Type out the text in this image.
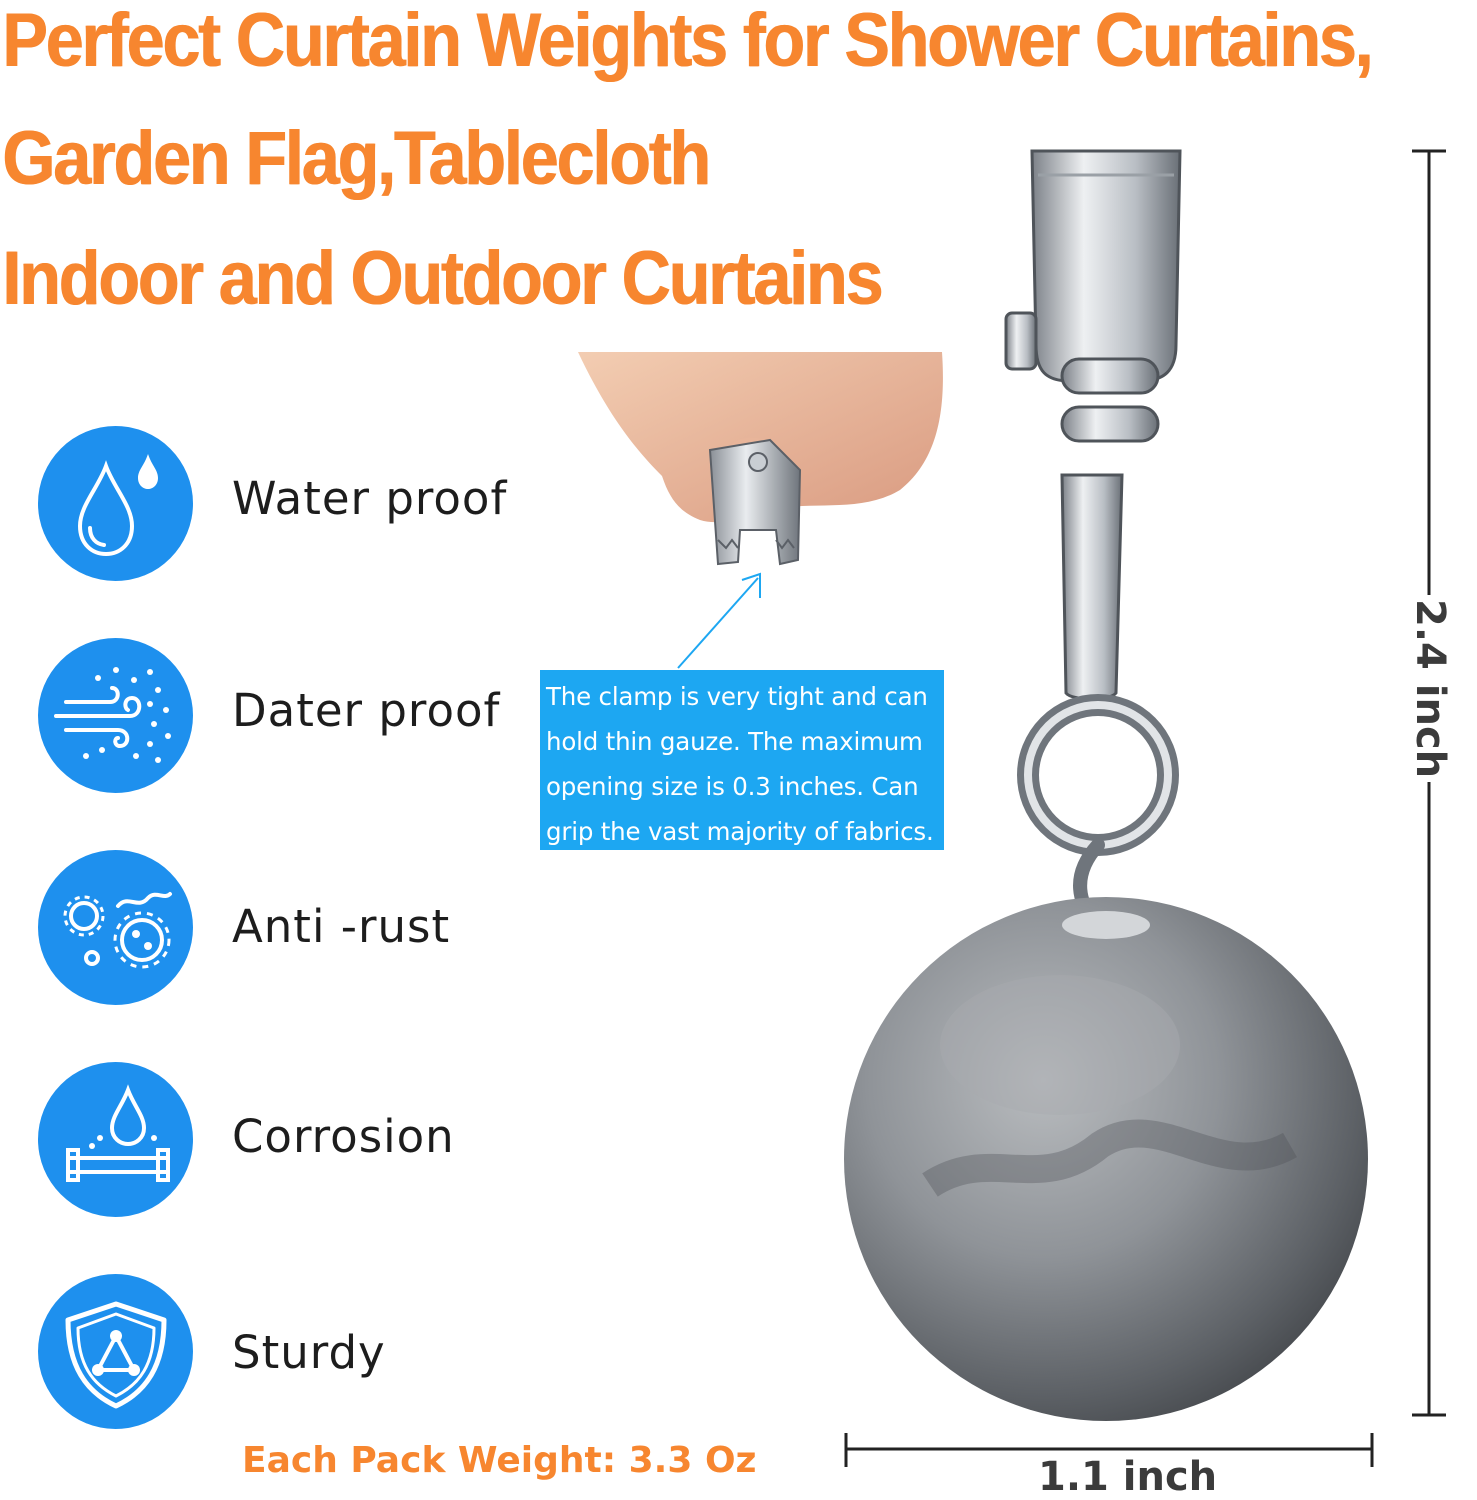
Perfect Curtain Weights for Shower Curtains,
Garden Flag,Tablecloth
Indoor and Outdoor Curtains
Water proof
Dater proof
Anti -rust
Corrosion
Sturdy
The clamp is very tight and can hold thin gauze. The maximum opening size is 0.3 inches. Can grip the vast majority of fabrics.
2.4 inch
1.1 inch
Each Pack Weight: 3.3 Oz
